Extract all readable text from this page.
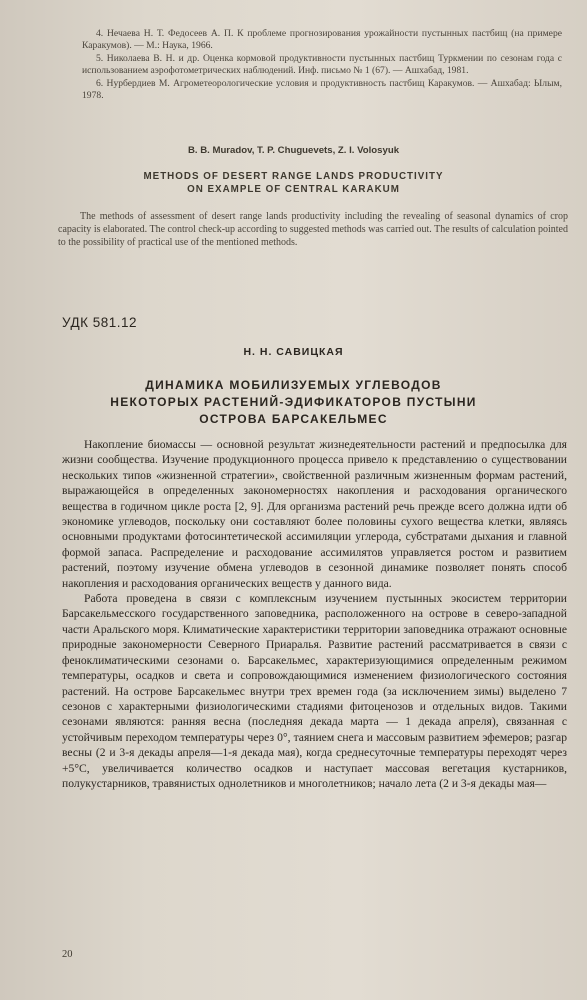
4. Нечаева Н. Т. Федосеев А. П. К проблеме прогнозирования урожайности пустынных пастбищ (на примере Каракумов). — М.: Наука, 1966.

5. Николаева В. Н. и др. Оценка кормовой продуктивности пустынных пастбищ Туркмении по сезонам года с использованием аэрофотометрических наблюдений. Инф. письмо № 1 (67). — Ашхабад, 1981.

6. Нурбердиев М. Агрометеорологические условия и продуктивность пастбищ Каракумов. — Ашхабад: Ылым, 1978.

B. B. Muradov, T. P. Chuguevets, Z. I. Volosyuk
METHODS OF DESERT RANGE LANDS PRODUCTIVITY
ON EXAMPLE OF CENTRAL KARAKUM

The methods of assessment of desert range lands productivity including the revealing of seasonal dynamics of crop capacity is elaborated. The control check-up according to suggested methods was carried out. The results of calculation pointed to the possibility of practical use of the mentioned methods.

УДК 581.12
Н. Н. САВИЦКАЯ
ДИНАМИКА МОБИЛИЗУЕМЫХ УГЛЕВОДОВ
НЕКОТОРЫХ РАСТЕНИЙ-ЭДИФИКАТОРОВ ПУСТЫНИ
ОСТРОВА БАРСАКЕЛЬМЕС

Накопление биомассы — основной результат жизнедеятельности растений и предпосылка для жизни сообщества. Изучение продукционного процесса привело к представлению о существовании нескольких типов «жизненной стратегии», свойственной различным жизненным формам растений, выражающейся в определенных закономерностях накопления и расходования органического вещества в годичном цикле роста [2, 9]. Для организма растений речь прежде всего должна идти об экономике углеводов, поскольку они составляют более половины сухого вещества клетки, являясь основными продуктами фотосинтетической ассимиляции углерода, субстратами дыхания и главной формой запаса. Распределение и расходование ассимилятов управляется ростом и развитием растений, поэтому изучение обмена углеводов в сезонной динамике позволяет понять способ накопления и расходования органических веществ у данного вида.

Работа проведена в связи с комплексным изучением пустынных экосистем территории Барсакельмесского государственного заповедника, расположенного на острове в северо-западной части Аральского моря. Климатические характеристики территории заповедника отражают основные природные закономерности Северного Приаралья. Развитие растений рассматривается в связи с феноклиматическими сезонами о. Барсакельмес, характеризующимися определенным режимом температуры, осадков и света и сопровождающимися изменением физиологического состояния растений. На острове Барсакельмес внутри трех времен года (за исключением зимы) выделено 7 сезонов с характерными физиологическими стадиями фитоценозов и отдельных видов. Такими сезонами являются: ранняя весна (последняя декада марта — 1 декада апреля), связанная с устойчивым переходом температуры через 0°, таянием снега и массовым развитием эфемеров; разгар весны (2 и 3-я декады апреля—1-я декада мая), когда среднесуточные температуры переходят через +5°С, увеличивается количество осадков и наступает массовая вегетация кустарников, полукустарников, травянистых однолетников и многолетников; начало лета (2 и 3-я декады мая—

20
